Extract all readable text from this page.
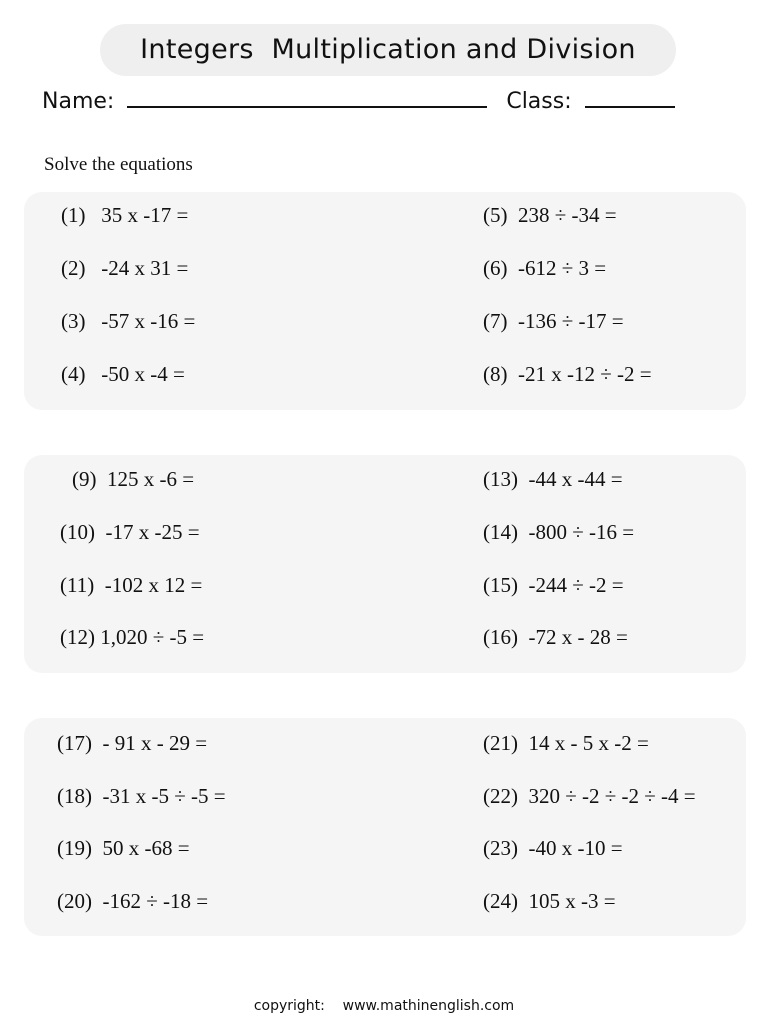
Integers  Multiplication and Division
Name:	Class:
Solve the equations
(1)   35 x -17 =
(2)   -24 x 31 =
(3)   -57 x -16 =
(4)   -50 x -4 =
(5)  238 ÷ -34 =
(6)  -612 ÷ 3 =
(7)  -136 ÷ -17 =
(8)  -21 x -12 ÷ -2 =
(9)  125 x -6 =
(10)  -17 x -25 =
(11)  -102 x 12 =
(12) 1,020 ÷ -5 =
(13)  -44 x -44 =
(14)  -800 ÷ -16 =
(15)  -244 ÷ -2 =
(16)  -72 x - 28 =
(17)  - 91 x - 29 =
(18)  -31 x -5 ÷ -5 =
(19)  50 x -68 =
(20)  -162 ÷ -18 =
(21)  14 x - 5 x -2 =
(22)  320 ÷ -2 ÷ -2 ÷ -4 =
(23)  -40 x -10 =
(24)  105 x -3 =
copyright:    www.mathinenglish.com
